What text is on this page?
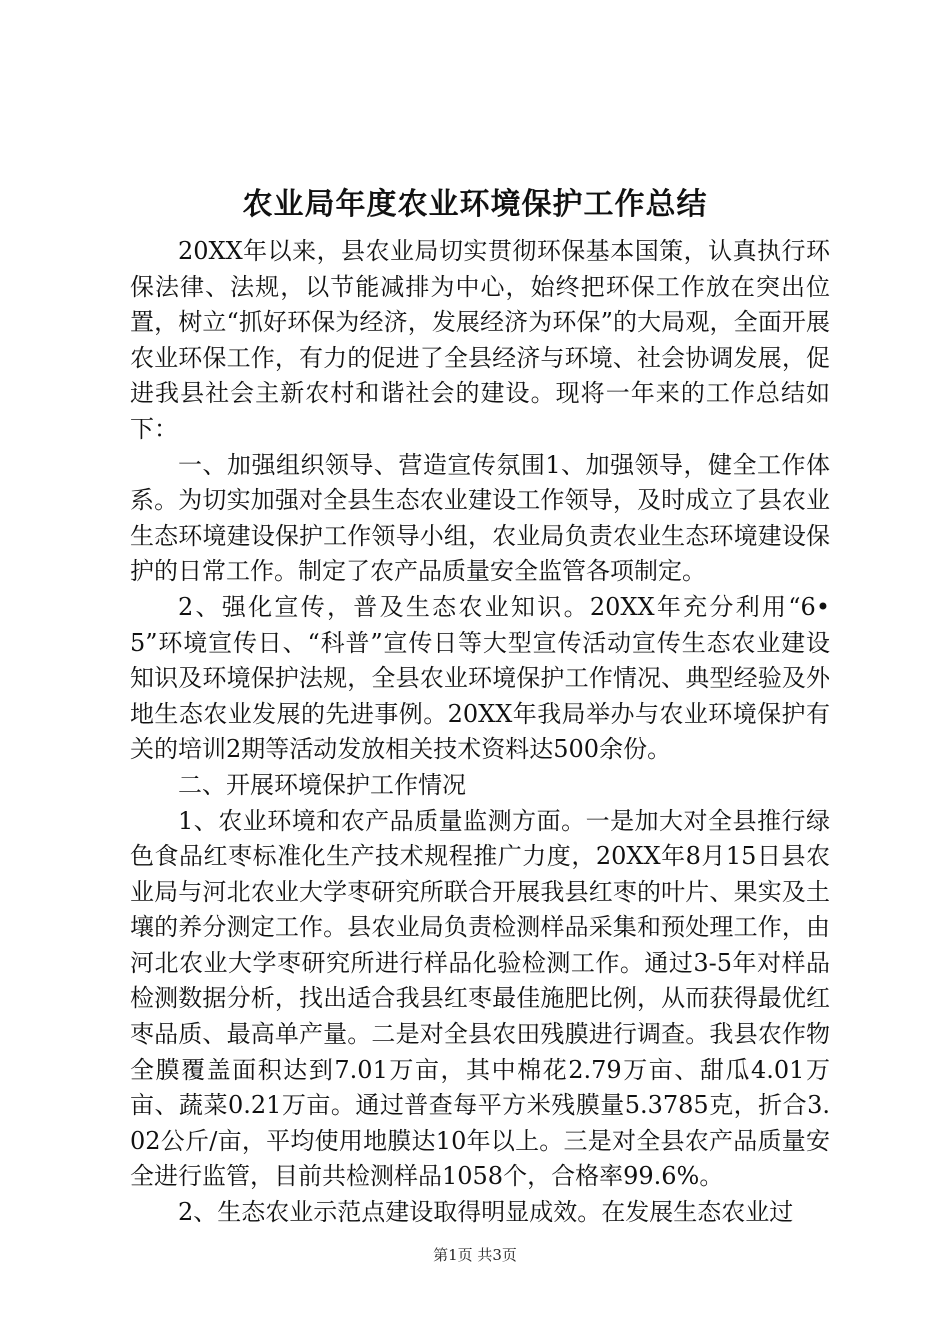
农业局年度农业环境保护工作总结

20XX年以来，县农业局切实贯彻环保基本国策，认真执行环保法律、法规，以节能减排为中心，始终把环保工作放在突出位置，树立“抓好环保为经济，发展经济为环保”的大局观，全面开展农业环保工作，有力的促进了全县经济与环境、社会协调发展，促进我县社会主新农村和谐社会的建设。现将一年来的工作总结如下：

一、加强组织领导、营造宣传氛围1、加强领导，健全工作体系。为切实加强对全县生态农业建设工作领导，及时成立了县农业生态环境建设保护工作领导小组，农业局负责农业生态环境建设保护的日常工作。制定了农产品质量安全监管各项制定。

2、强化宣传，普及生态农业知识。20XX年充分利用“6•5”环境宣传日、“科普”宣传日等大型宣传活动宣传生态农业建设知识及环境保护法规，全县农业环境保护工作情况、典型经验及外地生态农业发展的先进事例。20XX年我局举办与农业环境保护有关的培训2期等活动发放相关技术资料达500余份。

二、开展环境保护工作情况

1、农业环境和农产品质量监测方面。一是加大对全县推行绿色食品红枣标准化生产技术规程推广力度，20XX年8月15日县农业局与河北农业大学枣研究所联合开展我县红枣的叶片、果实及土壤的养分测定工作。县农业局负责检测样品采集和预处理工作，由河北农业大学枣研究所进行样品化验检测工作。通过3-5年对样品检测数据分析，找出适合我县红枣最佳施肥比例，从而获得最优红枣品质、最高单产量。二是对全县农田残膜进行调查。我县农作物全膜覆盖面积达到7.01万亩，其中棉花2.79万亩、甜瓜4.01万亩、蔬菜0.21万亩。通过普查每平方米残膜量5.3785克，折合3.02公斤/亩，平均使用地膜达10年以上。三是对全县农产品质量安全进行监管，目前共检测样品1058个，合格率99.6%。

2、生态农业示范点建设取得明显成效。在发展生态农业过

第1页 共3页
